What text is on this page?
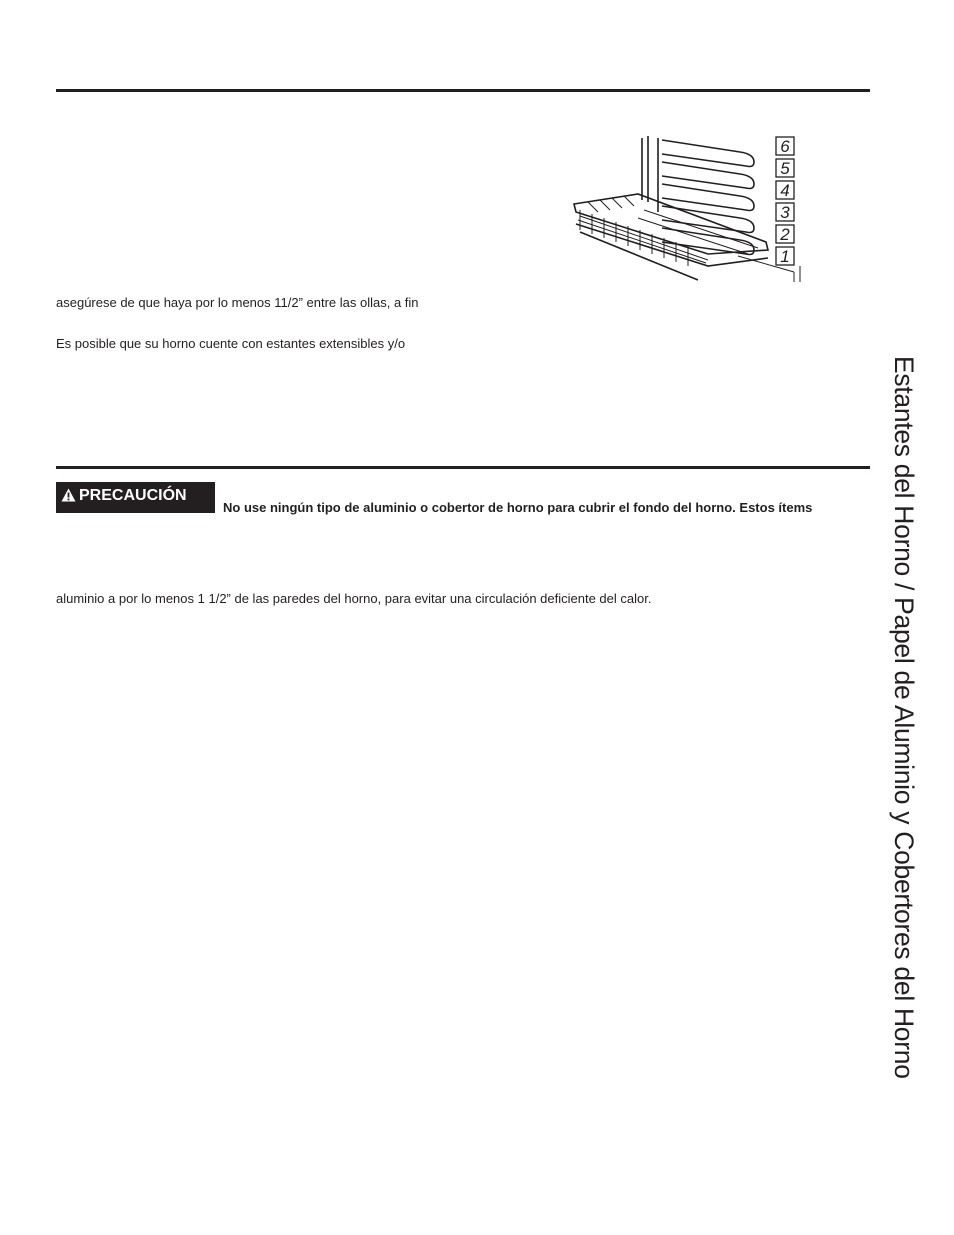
6
5
4
3
2
1
asegúrese de que haya por lo menos 11/2” entre las ollas, a fin
Es posible que su horno cuente con estantes extensibles y/o
PRECAUCIÓN
No use ningún tipo de aluminio o cobertor de horno para cubrir el fondo del horno. Estos ítems
aluminio a por lo menos 1 1/2” de las paredes del horno, para evitar una circulación deficiente del calor.	Estantes del Horno / Papel de Aluminio y Cobertores del Horno
